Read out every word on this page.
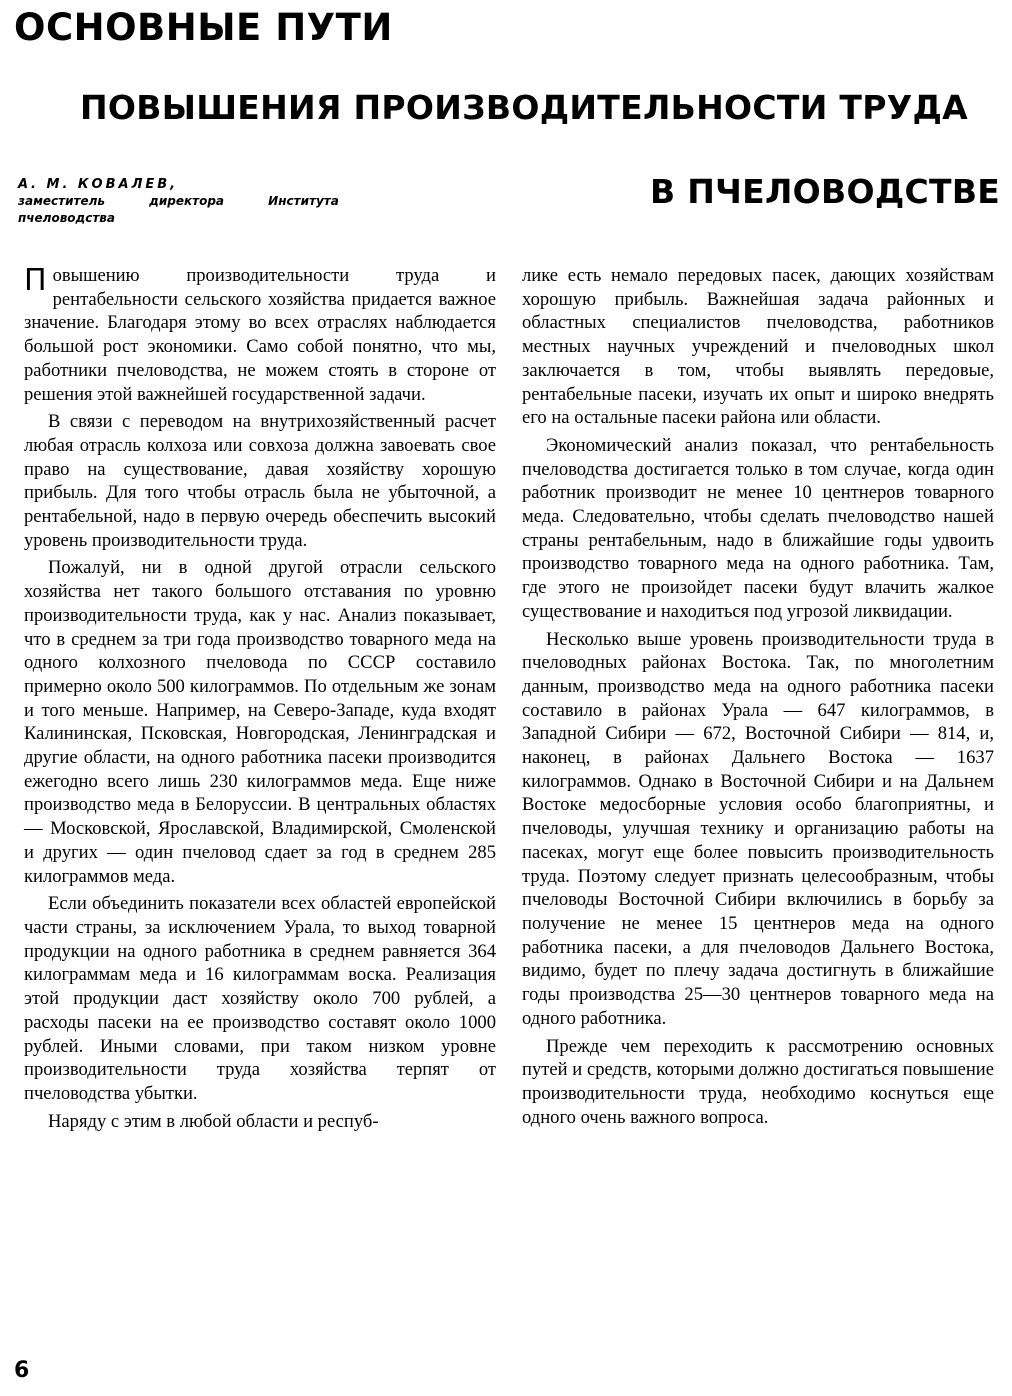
ОСНОВНЫЕ ПУТИ
ПОВЫШЕНИЯ ПРОИЗВОДИТЕЛЬНОСТИ ТРУДА
В ПЧЕЛОВОДСТВЕ
А. М. КОВАЛЕВ,
заместитель директора Института
пчеловодства

Повышению производительности труда и рентабельности сельского хозяйства придается важное значение. Благодаря этому во всех отраслях наблюдается большой рост экономики. Само собой понятно, что мы, работники пчеловодства, не можем стоять в стороне от решения этой важнейшей государственной задачи.

В связи с переводом на внутрихозяйственный расчет любая отрасль колхоза или совхоза должна завоевать свое право на существование, давая хозяйству хорошую прибыль. Для того чтобы отрасль была не убыточной, а рентабельной, надо в первую очередь обеспечить высокий уровень производительности труда.

Пожалуй, ни в одной другой отрасли сельского хозяйства нет такого большого отставания по уровню производительности труда, как у нас. Анализ показывает, что в среднем за три года производство товарного меда на одного колхозного пчеловода по СССР составило примерно около 500 килограммов. По отдельным же зонам и того меньше. Например, на Северо-Западе, куда входят Калининская, Псковская, Новгородская, Ленинградская и другие области, на одного работника пасеки производится ежегодно всего лишь 230 килограммов меда. Еще ниже производство меда в Белоруссии. В центральных областях — Московской, Ярославской, Владимирской, Смоленской и других — один пчеловод сдает за год в среднем 285 килограммов меда.

Если объединить показатели всех областей европейской части страны, за исключением Урала, то выход товарной продукции на одного работника в среднем равняется 364 килограммам меда и 16 килограммам воска. Реализация этой продукции даст хозяйству около 700 рублей, а расходы пасеки на ее производство составят около 1000 рублей. Иными словами, при таком низком уровне производительности труда хозяйства терпят от пчеловодства убытки.

Наряду с этим в любой области и респуб-

лике есть немало передовых пасек, дающих хозяйствам хорошую прибыль. Важнейшая задача районных и областных специалистов пчеловодства, работников местных научных учреждений и пчеловодных школ заключается в том, чтобы выявлять передовые, рентабельные пасеки, изучать их опыт и широко внедрять его на остальные пасеки района или области.

Экономический анализ показал, что рентабельность пчеловодства достигается только в том случае, когда один работник производит не менее 10 центнеров товарного меда. Следовательно, чтобы сделать пчеловодство нашей страны рентабельным, надо в ближайшие годы удвоить производство товарного меда на одного работника. Там, где этого не произойдет пасеки будут влачить жалкое существование и находиться под угрозой ликвидации.

Несколько выше уровень производительности труда в пчеловодных районах Востока. Так, по многолетним данным, производство меда на одного работника пасеки составило в районах Урала — 647 килограммов, в Западной Сибири — 672, Восточной Сибири — 814, и, наконец, в районах Дальнего Востока — 1637 килограммов. Однако в Восточной Сибири и на Дальнем Востоке медосборные условия особо благоприятны, и пчеловоды, улучшая технику и организацию работы на пасеках, могут еще более повысить производительность труда. Поэтому следует признать целесообразным, чтобы пчеловоды Восточной Сибири включились в борьбу за получение не менее 15 центнеров меда на одного работника пасеки, а для пчеловодов Дальнего Востока, видимо, будет по плечу задача достигнуть в ближайшие годы производства 25—30 центнеров товарного меда на одного работника.

Прежде чем переходить к рассмотрению основных путей и средств, которыми должно достигаться повышение производительности труда, необходимо коснуться еще одного очень важного вопроса.

6
